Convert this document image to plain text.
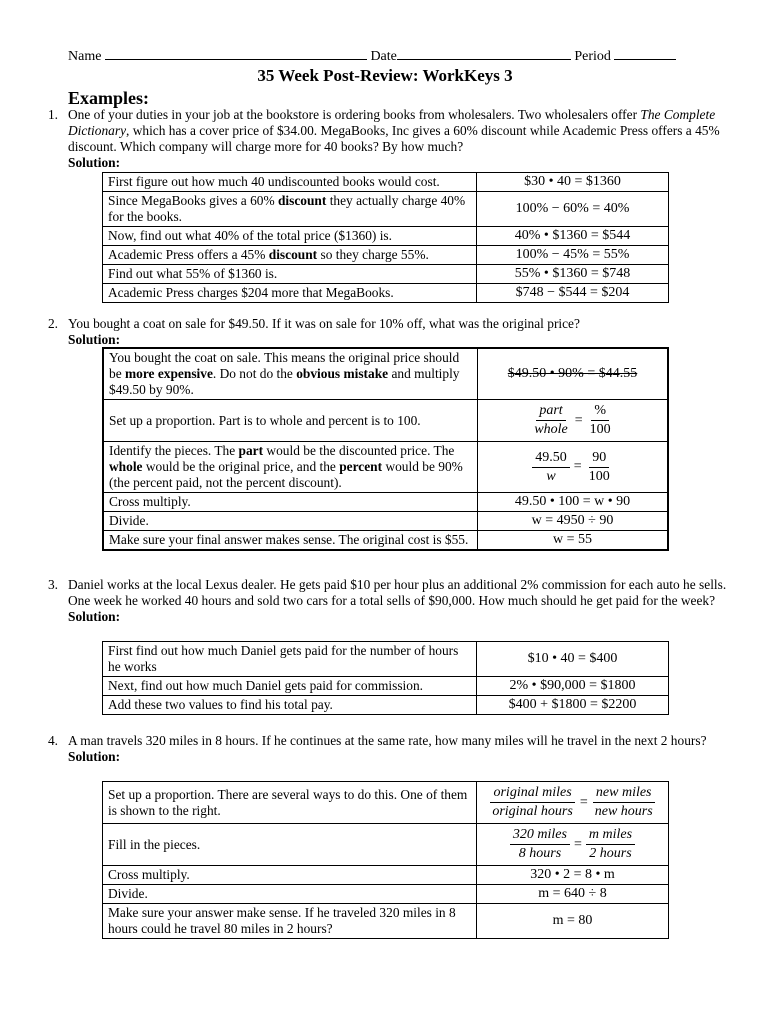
Name	Date	Period
35 Week Post-Review: WorkKeys 3
Examples:
1. One of your duties in your job at the bookstore is ordering books from wholesalers. Two wholesalers offer The Complete Dictionary, which has a cover price of $34.00. MegaBooks, Inc gives a 60% discount while Academic Press offers a 45% discount. Which company will charge more for 40 books? By how much?
Solution:
First figure out how much 40 undiscounted books would cost.	$30 • 40 = $1360
Since MegaBooks gives a 60% discount they actually charge 40% for the books.	100% − 60% = 40%
Now, find out what 40% of the total price ($1360) is.	40% • $1360 = $544
Academic Press offers a 45% discount so they charge 55%.	100% − 45% = 55%
Find out what 55% of $1360 is.	55% • $1360 = $748
Academic Press charges $204 more that MegaBooks.	$748 − $544 = $204
2. You bought a coat on sale for $49.50. If it was on sale for 10% off, what was the original price?
Solution:
You bought the coat on sale. This means the original price should be more expensive. Do not do the obvious mistake and multiply $49.50 by 90%.	$49.50 • 90% = $44.55
Set up a proportion. Part is to whole and percent is to 100.	$\frac{\text{part}}{\text{whole}} = \frac{\%}{100}$

Identify the pieces. The part would be the discounted price. The whole would be the original price, and the percent would be 90% (the percent paid, not the percent discount).	$\frac{49.50}{w} = \frac{90}{100}$

Cross multiply.	49.50 • 100 = w • 90
Divide.	w = 4950 ÷ 90
Make sure your final answer makes sense. The original cost is $55.	w = 55
3. Daniel works at the local Lexus dealer. He gets paid $10 per hour plus an additional 2% commission for each auto he sells. One week he worked 40 hours and sold two cars for a total sells of $90,000. How much should he get paid for the week?
Solution:
First find out how much Daniel gets paid for the number of hours he works	$10 • 40 = $400
Next, find out how much Daniel gets paid for commission.	2% • $90,000 = $1800
Add these two values to find his total pay.	$400 + $1800 = $2200
4. A man travels 320 miles in 8 hours. If he continues at the same rate, how many miles will he travel in the next 2 hours?
Solution:
Set up a proportion. There are several ways to do this. One of them is shown to the right.	$\frac{\text{original miles}}{\text{original hours}} = \frac{\text{new miles}}{\text{new hours}}$

Fill in the pieces.	$\frac{\text{320 miles}}{\text{8 hours}} = \frac{\text{m miles}}{\text{2 hours}}$

Cross multiply.	320 • 2 = 8 • m
Divide.	m = 640 ÷ 8
Make sure your answer make sense. If he traveled 320 miles in 8 hours could he travel 80 miles in 2 hours?	m = 80
